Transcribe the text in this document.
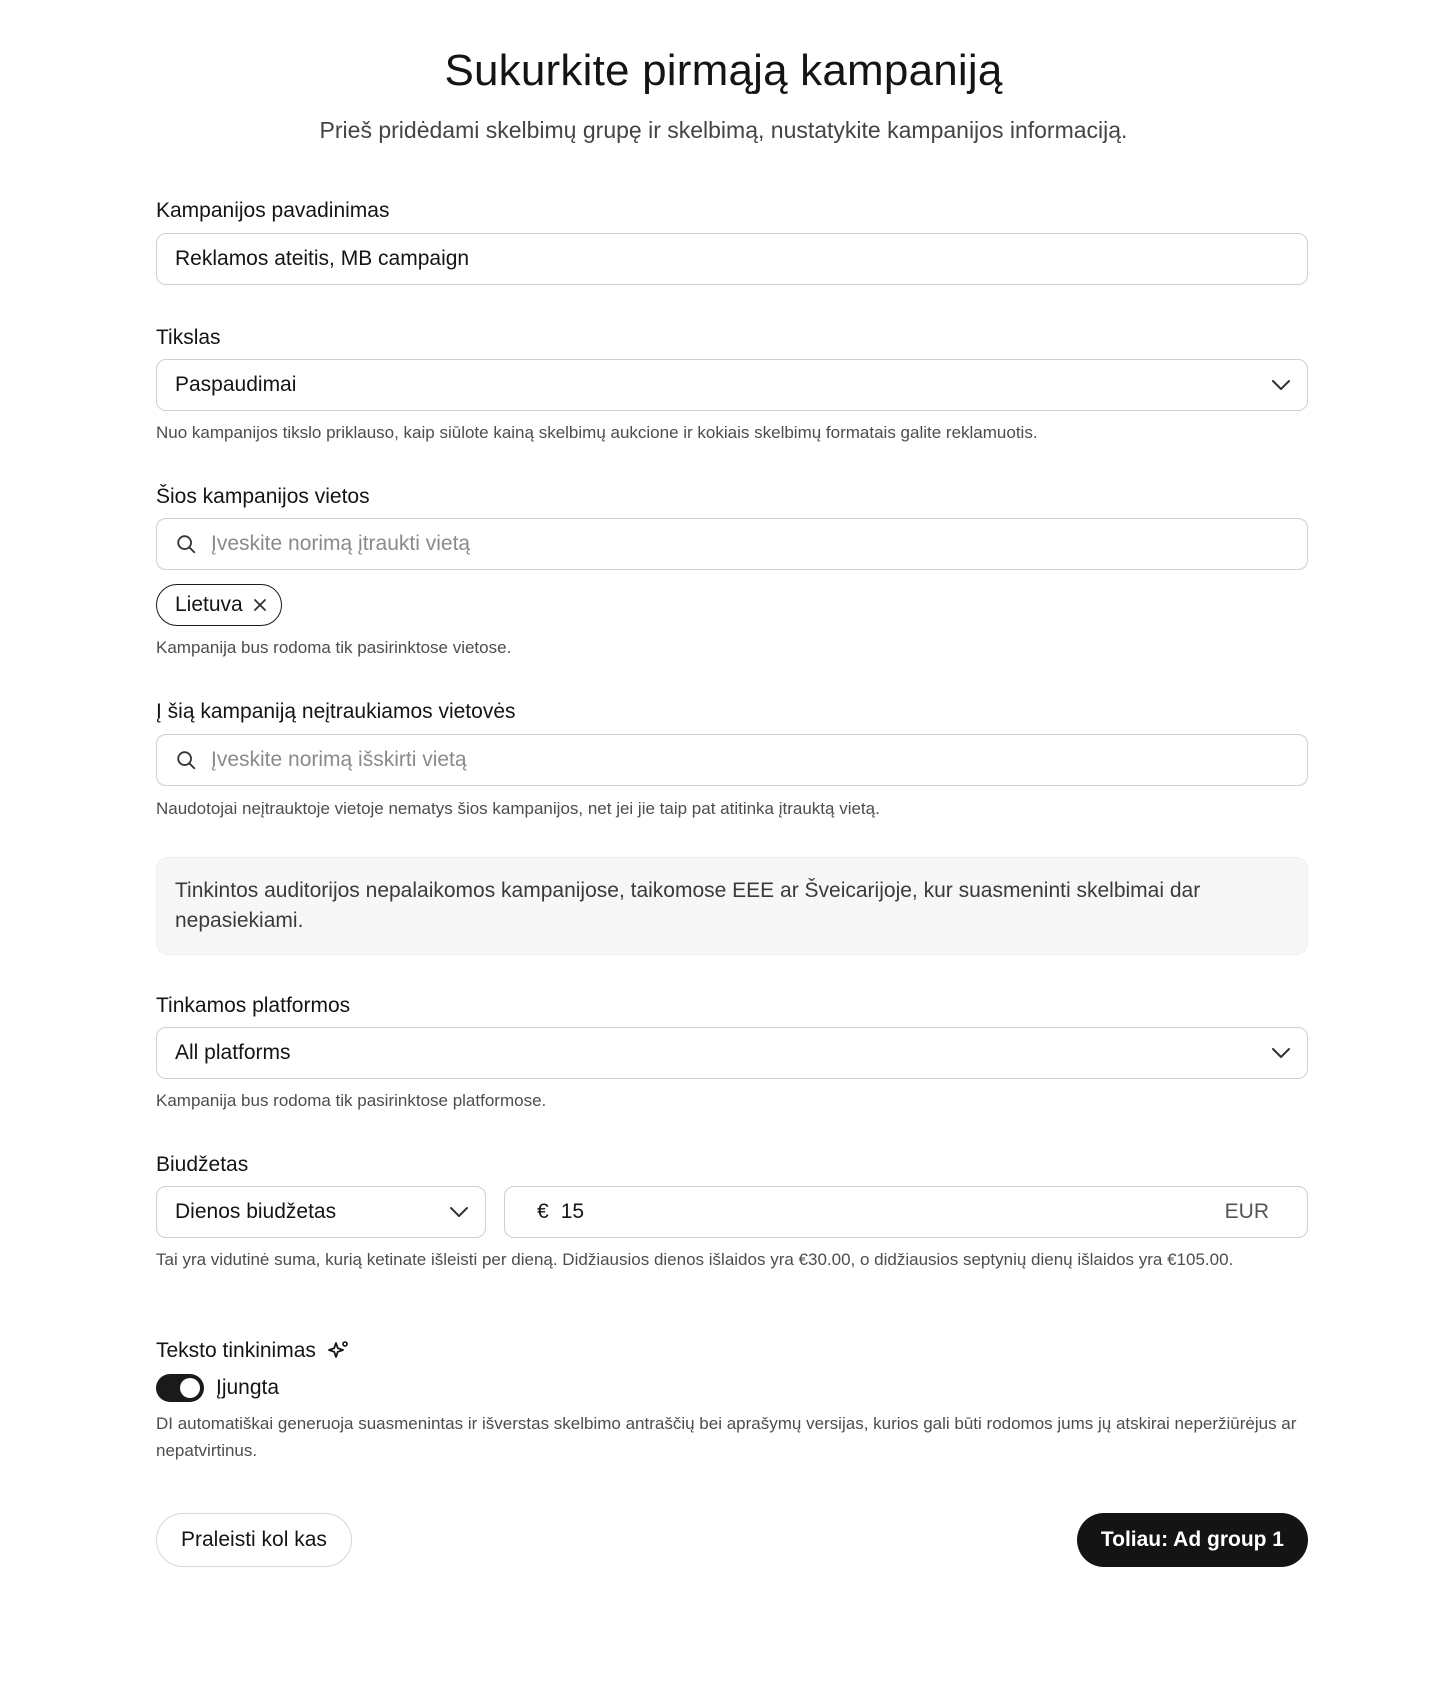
Sukurkite pirmąją kampaniją

Prieš pridėdami skelbimų grupę ir skelbimą, nustatykite kampanijos informaciją.

Kampanijos pavadinimas
Reklamos ateitis, MB campaign
Tikslas
Paspaudimai
Nuo kampanijos tikslo priklauso, kaip siūlote kainą skelbimų aukcione ir kokiais skelbimų formatais galite reklamuotis.
Šios kampanijos vietos
Įveskite norimą įtraukti vietą
Lietuva
Kampanija bus rodoma tik pasirinktose vietose.
Į šią kampaniją neįtraukiamos vietovės
Įveskite norimą išskirti vietą
Naudotojai neįtrauktoje vietoje nematys šios kampanijos, net jei jie taip pat atitinka įtrauktą vietą.
Tinkintos auditorijos nepalaikomos kampanijose, taikomose EEE ar Šveicarijoje, kur suasmeninti skelbimai dar nepasiekiami.
Tinkamos platformos
All platforms
Kampanija bus rodoma tik pasirinktose platformose.
Biudžetas
Dienos biudžetas	€ 15	EUR
Tai yra vidutinė suma, kurią ketinate išleisti per dieną. Didžiausios dienos išlaidos yra €30.00, o didžiausios septynių dienų išlaidos yra €105.00.
Teksto tinkinimas
Įjungta
DI automatiškai generuoja suasmenintas ir išverstas skelbimo antraščių bei aprašymų versijas, kurios gali būti rodomos jums jų atskirai neperžiūrėjus ar nepatvirtinus.
Praleisti kol kas	Toliau: Ad group 1
